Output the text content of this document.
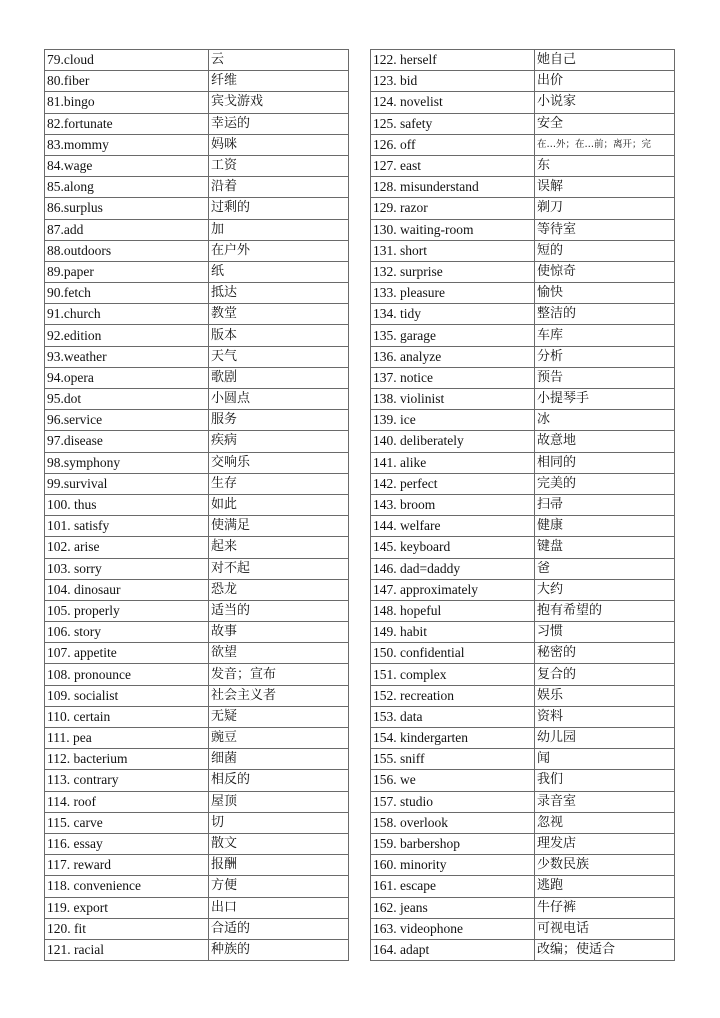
79.cloud	云
80.fiber	纤维
81.bingo	宾戈游戏
82.fortunate	幸运的
83.mommy	妈咪
84.wage	工资
85.along	沿着
86.surplus	过剩的
87.add	加
88.outdoors	在户外
89.paper	纸
90.fetch	抵达
91.church	教堂
92.edition	版本
93.weather	天气
94.opera	歌剧
95.dot	小圆点
96.service	服务
97.disease	疾病
98.symphony	交响乐
99.survival	生存
100. thus	如此
101. satisfy	使满足
102. arise	起来
103. sorry	对不起
104. dinosaur	恐龙
105. properly	适当的
106. story	故事
107. appetite	欲望
108. pronounce	发音；宣布
109. socialist	社会主义者
110. certain	无疑
111. pea	豌豆
112. bacterium	细菌
113. contrary	相反的
114. roof	屋顶
115. carve	切
116. essay	散文
117. reward	报酬
118. convenience	方便
119. export	出口
120. fit	合适的
121. racial	种族的
122. herself	她自己
123. bid	出价
124. novelist	小说家
125. safety	安全
126. off	在…外；在…前；离开；完
127. east	东
128. misunderstand	误解
129. razor	剃刀
130. waiting-room	等待室
131. short	短的
132. surprise	使惊奇
133. pleasure	愉快
134. tidy	整洁的
135. garage	车库
136. analyze	分析
137. notice	预告
138. violinist	小提琴手
139. ice	冰
140. deliberately	故意地
141. alike	相同的
142. perfect	完美的
143. broom	扫帚
144. welfare	健康
145. keyboard	键盘
146. dad=daddy	爸
147. approximately	大约
148. hopeful	抱有希望的
149. habit	习惯
150. confidential	秘密的
151. complex	复合的
152. recreation	娱乐
153. data	资料
154. kindergarten	幼儿园
155. sniff	闻
156. we	我们
157. studio	录音室
158. overlook	忽视
159. barbershop	理发店
160. minority	少数民族
161. escape	逃跑
162. jeans	牛仔裤
163. videophone	可视电话
164. adapt	改编；使适合
